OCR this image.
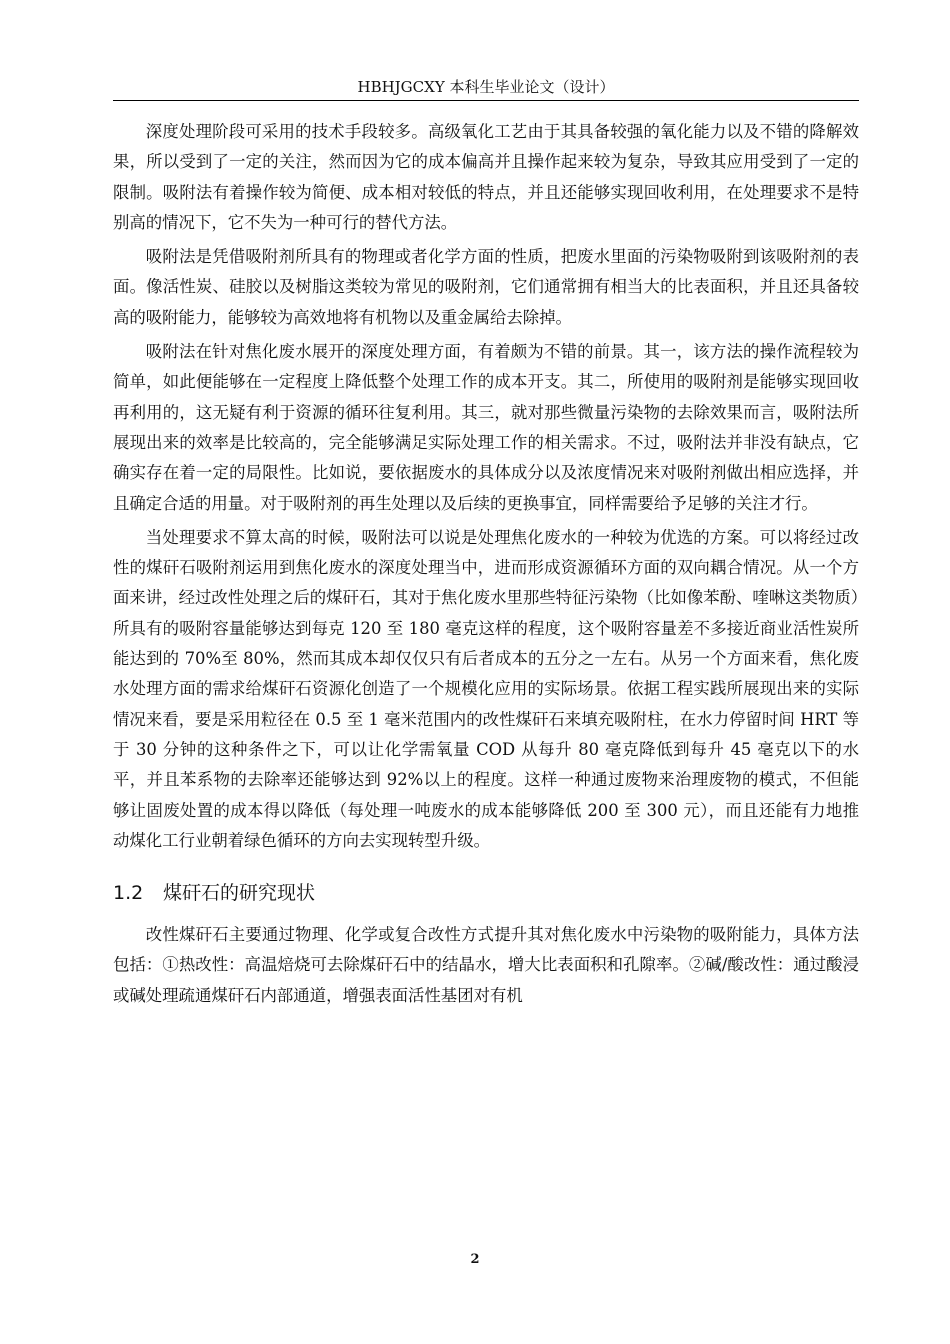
HBHJGCXY 本科生毕业论文（设计）

深度处理阶段可采用的技术手段较多。高级氧化工艺由于其具备较强的氧化能力以及不错的降解效果，所以受到了一定的关注，然而因为它的成本偏高并且操作起来较为复杂，导致其应用受到了一定的限制。吸附法有着操作较为简便、成本相对较低的特点，并且还能够实现回收利用，在处理要求不是特别高的情况下，它不失为一种可行的替代方法。

吸附法是凭借吸附剂所具有的物理或者化学方面的性质，把废水里面的污染物吸附到该吸附剂的表面。像活性炭、硅胶以及树脂这类较为常见的吸附剂，它们通常拥有相当大的比表面积，并且还具备较高的吸附能力，能够较为高效地将有机物以及重金属给去除掉。

吸附法在针对焦化废水展开的深度处理方面，有着颇为不错的前景。其一，该方法的操作流程较为简单，如此便能够在一定程度上降低整个处理工作的成本开支。其二，所使用的吸附剂是能够实现回收再利用的，这无疑有利于资源的循环往复利用。其三，就对那些微量污染物的去除效果而言，吸附法所展现出来的效率是比较高的，完全能够满足实际处理工作的相关需求。不过，吸附法并非没有缺点，它确实存在着一定的局限性。比如说，要依据废水的具体成分以及浓度情况来对吸附剂做出相应选择，并且确定合适的用量。对于吸附剂的再生处理以及后续的更换事宜，同样需要给予足够的关注才行。

当处理要求不算太高的时候，吸附法可以说是处理焦化废水的一种较为优选的方案。可以将经过改性的煤矸石吸附剂运用到焦化废水的深度处理当中，进而形成资源循环方面的双向耦合情况。从一个方面来讲，经过改性处理之后的煤矸石，其对于焦化废水里那些特征污染物（比如像苯酚、喹啉这类物质）所具有的吸附容量能够达到每克 120 至 180 毫克这样的程度，这个吸附容量差不多接近商业活性炭所能达到的 70%至 80%，然而其成本却仅仅只有后者成本的五分之一左右。从另一个方面来看，焦化废水处理方面的需求给煤矸石资源化创造了一个规模化应用的实际场景。依据工程实践所展现出来的实际情况来看，要是采用粒径在 0.5 至 1 毫米范围内的改性煤矸石来填充吸附柱，在水力停留时间 HRT 等于 30 分钟的这种条件之下，可以让化学需氧量 COD 从每升 80 毫克降低到每升 45 毫克以下的水平，并且苯系物的去除率还能够达到 92%以上的程度。这样一种通过废物来治理废物的模式，不但能够让固废处置的成本得以降低（每处理一吨废水的成本能够降低 200 至 300 元），而且还能有力地推动煤化工行业朝着绿色循环的方向去实现转型升级。

1.2 煤矸石的研究现状

改性煤矸石主要通过物理、化学或复合改性方式提升其对焦化废水中污染物的吸附能力，具体方法包括：①热改性：高温焙烧可去除煤矸石中的结晶水，增大比表面积和孔隙率。②碱/酸改性：通过酸浸或碱处理疏通煤矸石内部通道，增强表面活性基团对有机

2
